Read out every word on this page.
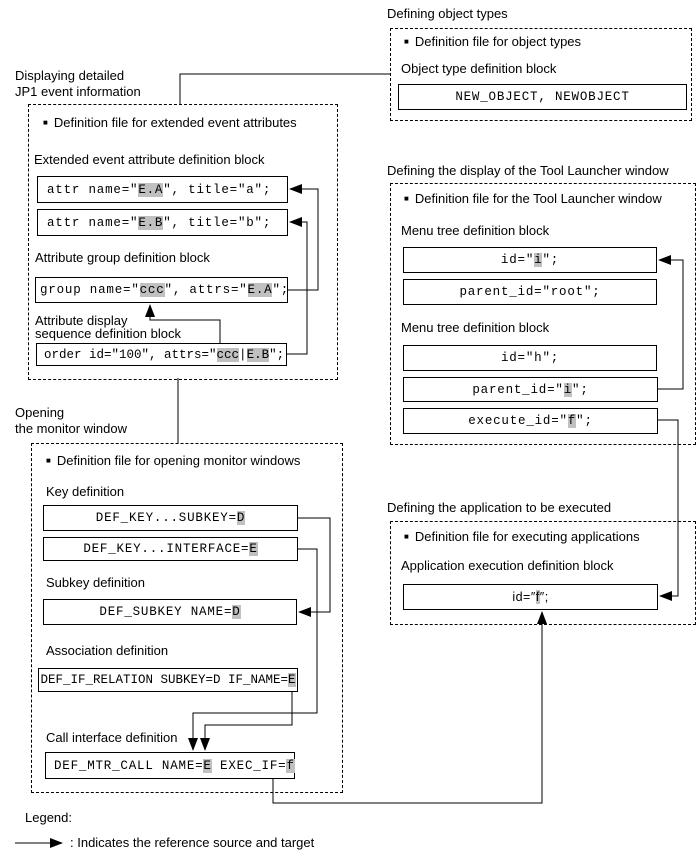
Defining object types
■ Definition file for object types
Object type definition block
NEW_OBJECT, NEWOBJECT
Displaying detailed
JP1 event information
■ Definition file for extended event attributes
Extended event attribute definition block
attr name=" E.A ", title="a";
attr name=" E.B ", title="b";
Attribute group definition block
group name=" ccc ", attrs=" E.A ";
Attribute display
sequence definition block
order id="100", attrs=" ccc | E.B ";
Defining the display of the Tool Launcher window
■ Definition file for the Tool Launcher window
Menu tree definition block
id=" i ";
parent_id="root";
Menu tree definition block
id="h";
parent_id=" i ";
execute_id=" f ";
Opening
the monitor window
■ Definition file for opening monitor windows
Key definition
DEF_KEY...SUBKEY= D
DEF_KEY...INTERFACE= E
Subkey definition
DEF_SUBKEY NAME= D
Association definition
DEF_IF_RELATION SUBKEY=D IF_NAME= E
Call interface definition
DEF_MTR_CALL NAME= E EXEC_IF= f
Defining the application to be executed
■ Definition file for executing applications
Application execution definition block
id=″ f ″;
Legend:
: Indicates the reference source and target
